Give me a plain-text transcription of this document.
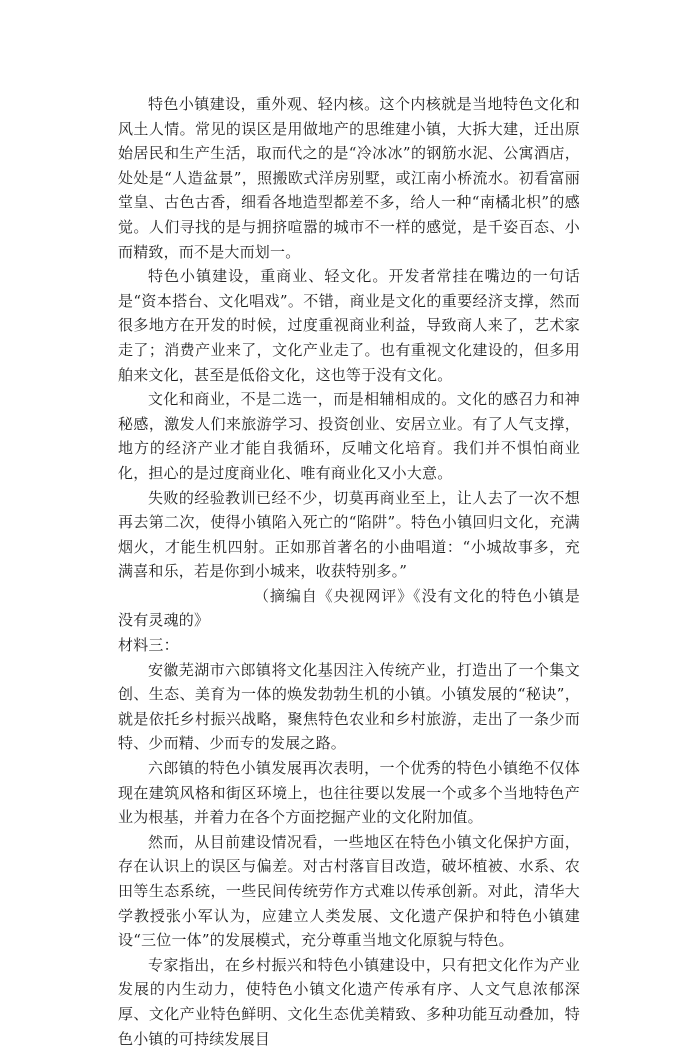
特色小镇建设，重外观、轻内核。这个内核就是当地特色文化和风土人情。常见的误区是用做地产的思维建小镇，大拆大建，迁出原始居民和生产生活，取而代之的是“冷冰冰”的钢筋水泥、公寓酒店，处处是“人造盆景”，照搬欧式洋房别墅，或江南小桥流水。初看富丽堂皇、古色古香，细看各地造型都差不多，给人一种“南橘北枳”的感觉。人们寻找的是与拥挤喧嚣的城市不一样的感觉，是千姿百态、小而精致，而不是大而划一。

特色小镇建设，重商业、轻文化。开发者常挂在嘴边的一句话是“资本搭台、文化唱戏”。不错，商业是文化的重要经济支撑，然而很多地方在开发的时候，过度重视商业利益，导致商人来了，艺术家走了；消费产业来了，文化产业走了。也有重视文化建设的，但多用舶来文化，甚至是低俗文化，这也等于没有文化。

文化和商业，不是二选一，而是相辅相成的。文化的感召力和神秘感，激发人们来旅游学习、投资创业、安居立业。有了人气支撑，地方的经济产业才能自我循环，反哺文化培育。我们并不惧怕商业化，担心的是过度商业化、唯有商业化又小大意。

失败的经验教训已经不少，切莫再商业至上，让人去了一次不想再去第二次，使得小镇陷入死亡的“陷阱”。特色小镇回归文化，充满烟火，才能生机四射。正如那首著名的小曲唱道：“小城故事多，充满喜和乐，若是你到小城来，收获特别多。”

（摘编自《央视网评》《没有文化的特色小镇是没有灵魂的》

材料三：

安徽芜湖市六郎镇将文化基因注入传统产业，打造出了一个集文创、生态、美育为一体的焕发勃勃生机的小镇。小镇发展的“秘诀”，就是依托乡村振兴战略，聚焦特色农业和乡村旅游，走出了一条少而特、少而精、少而专的发展之路。

六郎镇的特色小镇发展再次表明，一个优秀的特色小镇绝不仅体现在建筑风格和街区环境上，也往往要以发展一个或多个当地特色产业为根基，并着力在各个方面挖掘产业的文化附加值。

然而，从目前建设情况看，一些地区在特色小镇文化保护方面，存在认识上的误区与偏差。对古村落盲目改造，破坏植被、水系、农田等生态系统，一些民间传统劳作方式难以传承创新。对此，清华大学教授张小军认为，应建立人类发展、文化遗产保护和特色小镇建设“三位一体”的发展模式，充分尊重当地文化原貌与特色。

专家指出，在乡村振兴和特色小镇建设中，只有把文化作为产业发展的内生动力，使特色小镇文化遗产传承有序、人文气息浓郁深厚、文化产业特色鲜明、文化生态优美精致、多种功能互动叠加，特色小镇的可持续发展目
